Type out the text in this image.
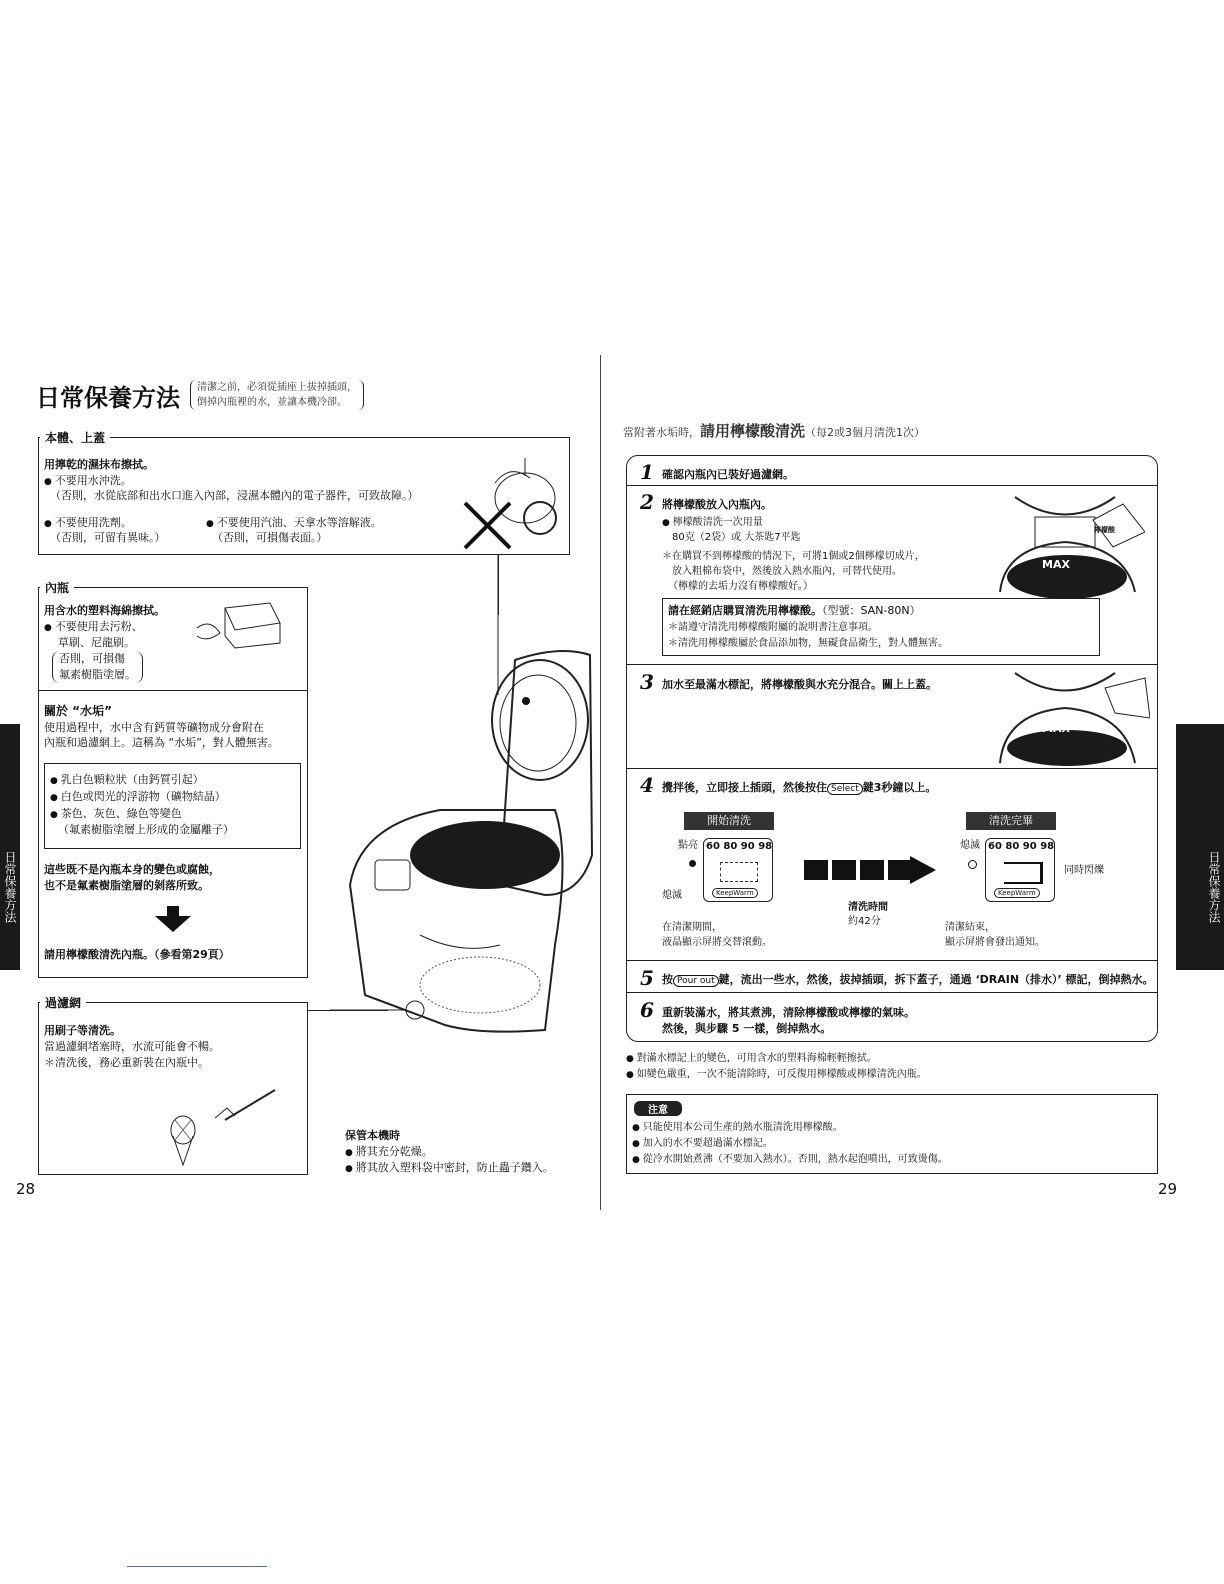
日常保養方法 清潔之前，必須從插座上拔掉插頭，
倒掉內瓶裡的水，並讓本機冷卻。
本體、上蓋
用擰乾的濕抹布擦拭。
● 不要用水沖洗。
（否則，水從底部和出水口進入內部，浸濕本體內的電子器件，可致故障。）
● 不要使用洗劑。
（否則，可留有異味。）
● 不要使用汽油、天拿水等溶解液。
（否則，可損傷表面。）
內瓶
用含水的塑料海綿擦拭。
● 不要使用去污粉、
草刷、尼龍刷。
否則，可損傷
氟素樹脂塗層。
關於 “水垢”
使用過程中，水中含有鈣質等礦物成分會附在
內瓶和過濾網上。這稱為 “水垢”，對人體無害。
● 乳白色顆粒狀（由鈣質引起）
● 白色或閃光的浮游物（礦物結晶）
● 茶色、灰色、綠色等變色
（氟素樹脂塗層上形成的金屬離子）
這些既不是內瓶本身的變色或腐蝕，
也不是氟素樹脂塗層的剝落所致。
請用檸檬酸清洗內瓶。（參看第29頁）
過濾網
用刷子等清洗。
當過濾網堵塞時，水流可能會不暢。
＊清洗後，務必重新裝在內瓶中。
保管本機時
● 將其充分乾燥。
● 將其放入塑料袋中密封，防止蟲子鑽入。
28
日常保養方法
當附著水垢時，請用檸檬酸清洗（每2或3個月清洗1次）
1 確認內瓶內已裝好過濾網。
2 將檸檬酸放入內瓶內。
● 檸檬酸清洗一次用量
80克（2袋）或 大茶匙7平匙
＊在購買不到檸檬酸的情況下，可將1個或2個檸檬切成片，
放入粗棉布袋中，然後放入熱水瓶內，可替代使用。
（檸檬的去垢力沒有檸檬酸好。）
請在經銷店購買清洗用檸檬酸。（型號：SAN-80N）
＊請遵守清洗用檸檬酸附屬的說明書注意事項。
＊清洗用檸檬酸屬於食品添加物，無礙食品衛生，對人體無害。
檸檬酸
MAX
3 加水至最滿水標記，將檸檬酸與水充分混合。關上上蓋。
MAX
4 攪拌後，立即接上插頭，然後按住 Select 鍵3秒鐘以上。
開始清洗	清洗完畢
點亮 60 80 90 98
KeepWarm
熄滅
清洗時間
約42分
在清潔期間，
液晶顯示屏將交替滾動。
熄滅 60 80 90 98
KeepWarm
同時閃爍
清潔結束，
顯示屏將會發出通知。
5 按 Pour out 鍵，流出一些水，然後，拔掉插頭，拆下蓋子，通過 ‘DRAIN（排水）’ 標記，倒掉熱水。
6 重新裝滿水，將其煮沸，清除檸檬酸或檸檬的氣味。
然後，與步驟 5 一樣，倒掉熱水。
● 對滿水標記上的變色，可用含水的塑料海棉輕輕擦拭。
● 如變色嚴重，一次不能清除時，可反復用檸檬酸或檸檬清洗內瓶。
注意
● 只能使用本公司生產的熱水瓶清洗用檸檬酸。
● 加入的水不要超過滿水標記。
● 從冷水開始煮沸（不要加入熱水）。否則，熱水起泡噴出，可致燙傷。
29
日常保養方法
